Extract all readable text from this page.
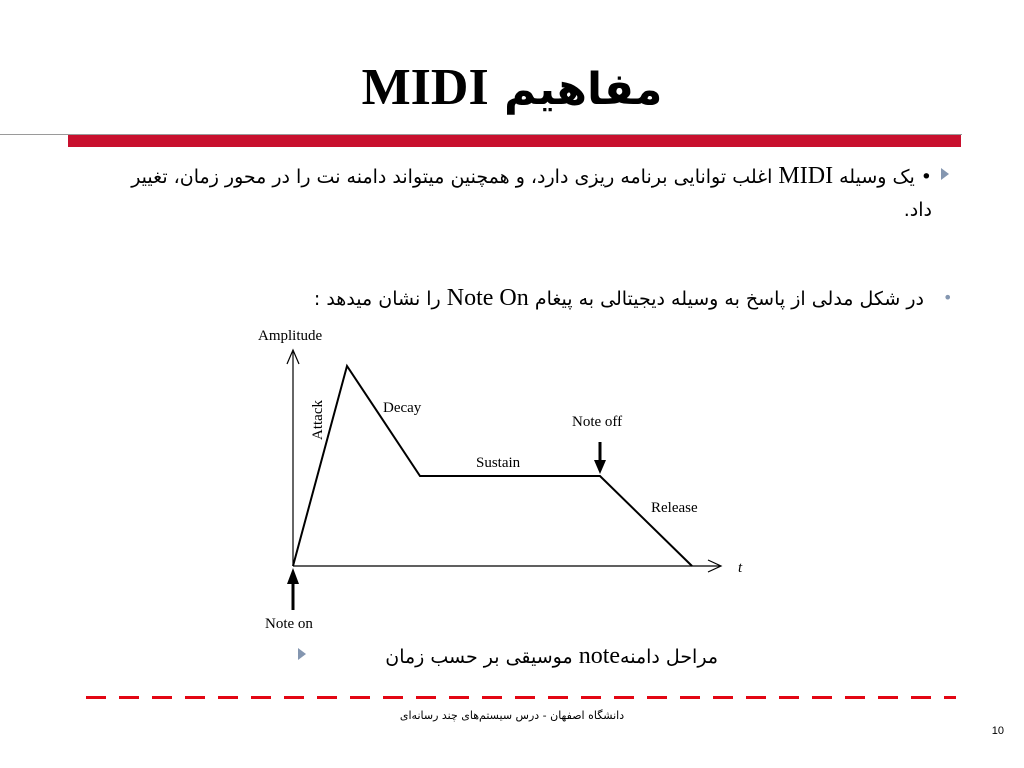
مفاهیم MIDI
• یک وسیله MIDI اغلب توانایی برنامه ریزی دارد، و همچنین میتواند دامنه نت را در محور زمان، تغییر داد.
•
در شکل مدلی از پاسخ به وسیله دیجیتالی به پیغام Note On را نشان میدهد :
Amplitude
t
Attack	Decay
Sustain
Release
Note off
Note on
مراحل دامنهnote موسیقی بر حسب زمان
دانشگاه اصفهان - درس سیستم‌های چند رسانه‌ای
10
